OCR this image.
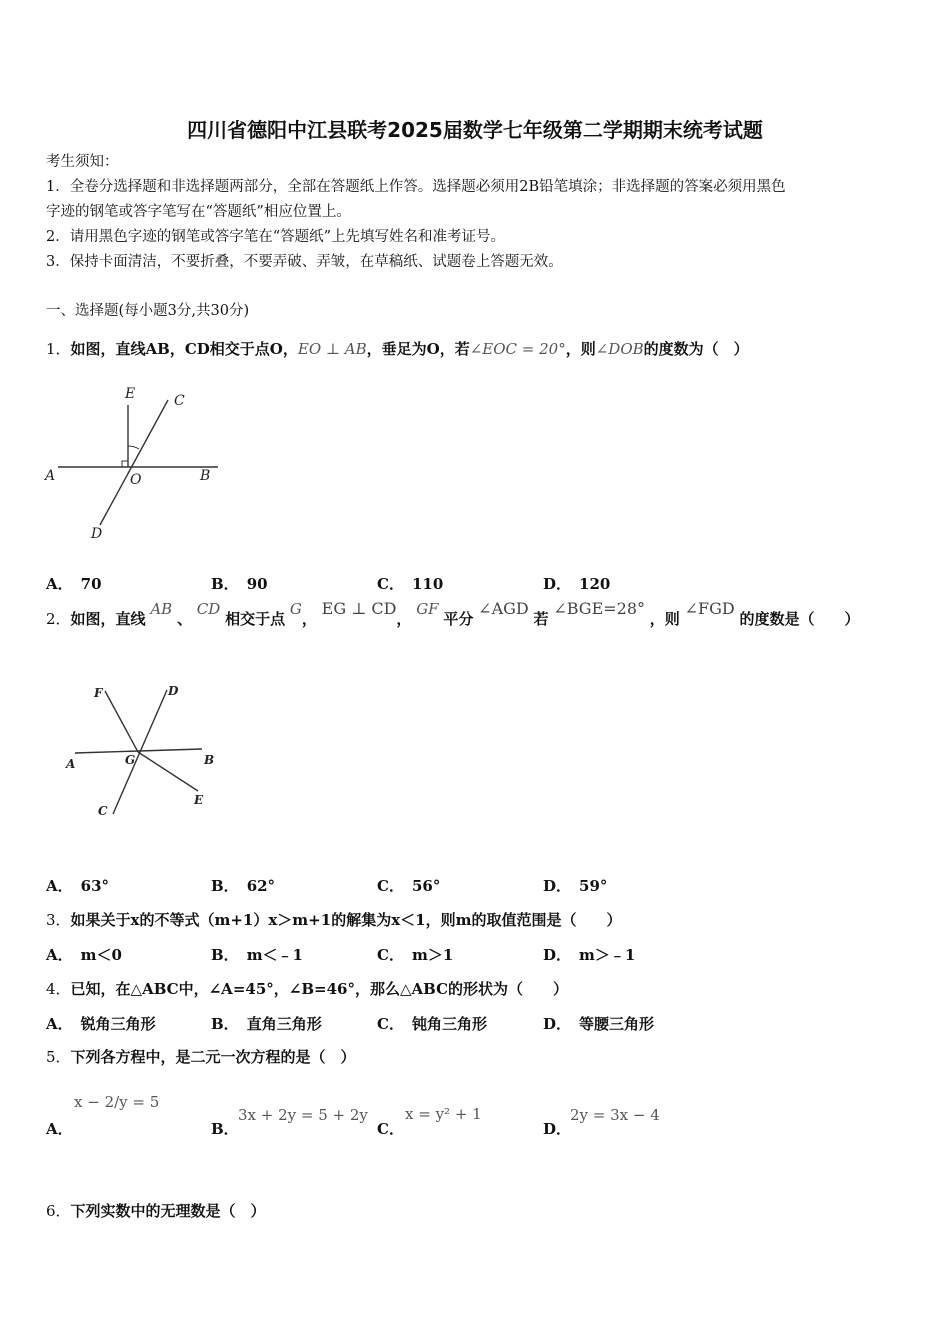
四川省德阳中江县联考2025届数学七年级第二学期期末统考试题
考生须知：
1．全卷分选择题和非选择题两部分，全部在答题纸上作答。选择题必须用2B铅笔填涂；非选择题的答案必须用黑色
字迹的钢笔或答字笔写在“答题纸”相应位置上。
2．请用黑色字迹的钢笔或答字笔在“答题纸”上先填写姓名和准考证号。
3．保持卡面清洁，不要折叠，不要弄破、弄皱，在草稿纸、试题卷上答题无效。
一、选择题(每小题3分,共30分)
1．如图，直线AB，CD相交于点O，EO ⊥ AB，垂足为O，若∠EOC = 20°，则∠DOB的度数为（　）
E	C
A	O	B
D
A． 70	B． 90	C． 110	D． 120
2．如图，直线 AB 、 CD 相交于点 G， EG ⊥ CD， GF 平分 ∠AGD 若 ∠BGE=28° ，则 ∠FGD 的度数是（　　）
F	D
A	G	B
C
E
A． 63°	B． 62°	C． 56°	D． 59°
3．如果关于x的不等式（m+1）x＞m+1的解集为x＜1，则m的取值范围是（　　）
A． m＜0	B． m＜﹣1	C． m＞1	D． m＞﹣1
4．已知，在△ABC中，∠A=45°，∠B=46°，那么△ABC的形状为（　　）
A． 锐角三角形	B． 直角三角形	C． 钝角三角形	D． 等腰三角形
5．下列各方程中，是二元一次方程的是（　）
A．
x − 2/y = 5
B．
3x + 2y = 5 + 2y
C．
x = y² + 1
D．
2y = 3x − 4
6．下列实数中的无理数是（　）
